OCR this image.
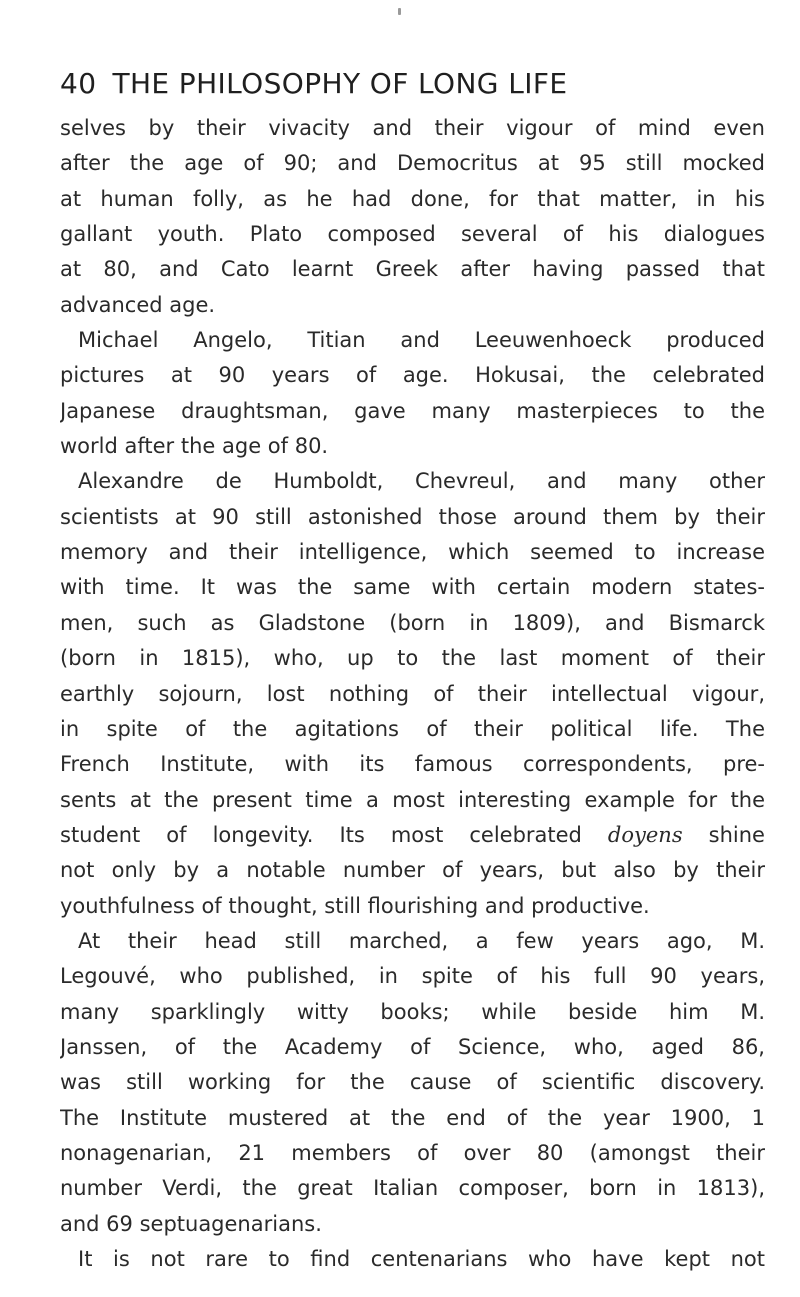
40 THE PHILOSOPHY OF LONG LIFE
selves by their vivacity and their vigour of mind even
after the age of 90; and Democritus at 95 still mocked
at human folly, as he had done, for that matter, in his
gallant youth. Plato composed several of his dialogues
at 80, and Cato learnt Greek after having passed that
advanced age.
Michael Angelo, Titian and Leeuwenhoeck produced
pictures at 90 years of age. Hokusai, the celebrated
Japanese draughtsman, gave many masterpieces to the
world after the age of 80.
Alexandre de Humboldt, Chevreul, and many other
scientists at 90 still astonished those around them by their
memory and their intelligence, which seemed to increase
with time. It was the same with certain modern states-
men, such as Gladstone (born in 1809), and Bismarck
(born in 1815), who, up to the last moment of their
earthly sojourn, lost nothing of their intellectual vigour,
in spite of the agitations of their political life. The
French Institute, with its famous correspondents, pre-
sents at the present time a most interesting example for the
student of longevity. Its most celebrated doyens shine
not only by a notable number of years, but also by their
youthfulness of thought, still flourishing and productive.
At their head still marched, a few years ago, M.
Legouvé, who published, in spite of his full 90 years,
many sparklingly witty books; while beside him M.
Janssen, of the Academy of Science, who, aged 86,
was still working for the cause of scientific discovery.
The Institute mustered at the end of the year 1900, 1
nonagenarian, 21 members of over 80 (amongst their
number Verdi, the great Italian composer, born in 1813),
and 69 septuagenarians.
It is not rare to find centenarians who have kept not
